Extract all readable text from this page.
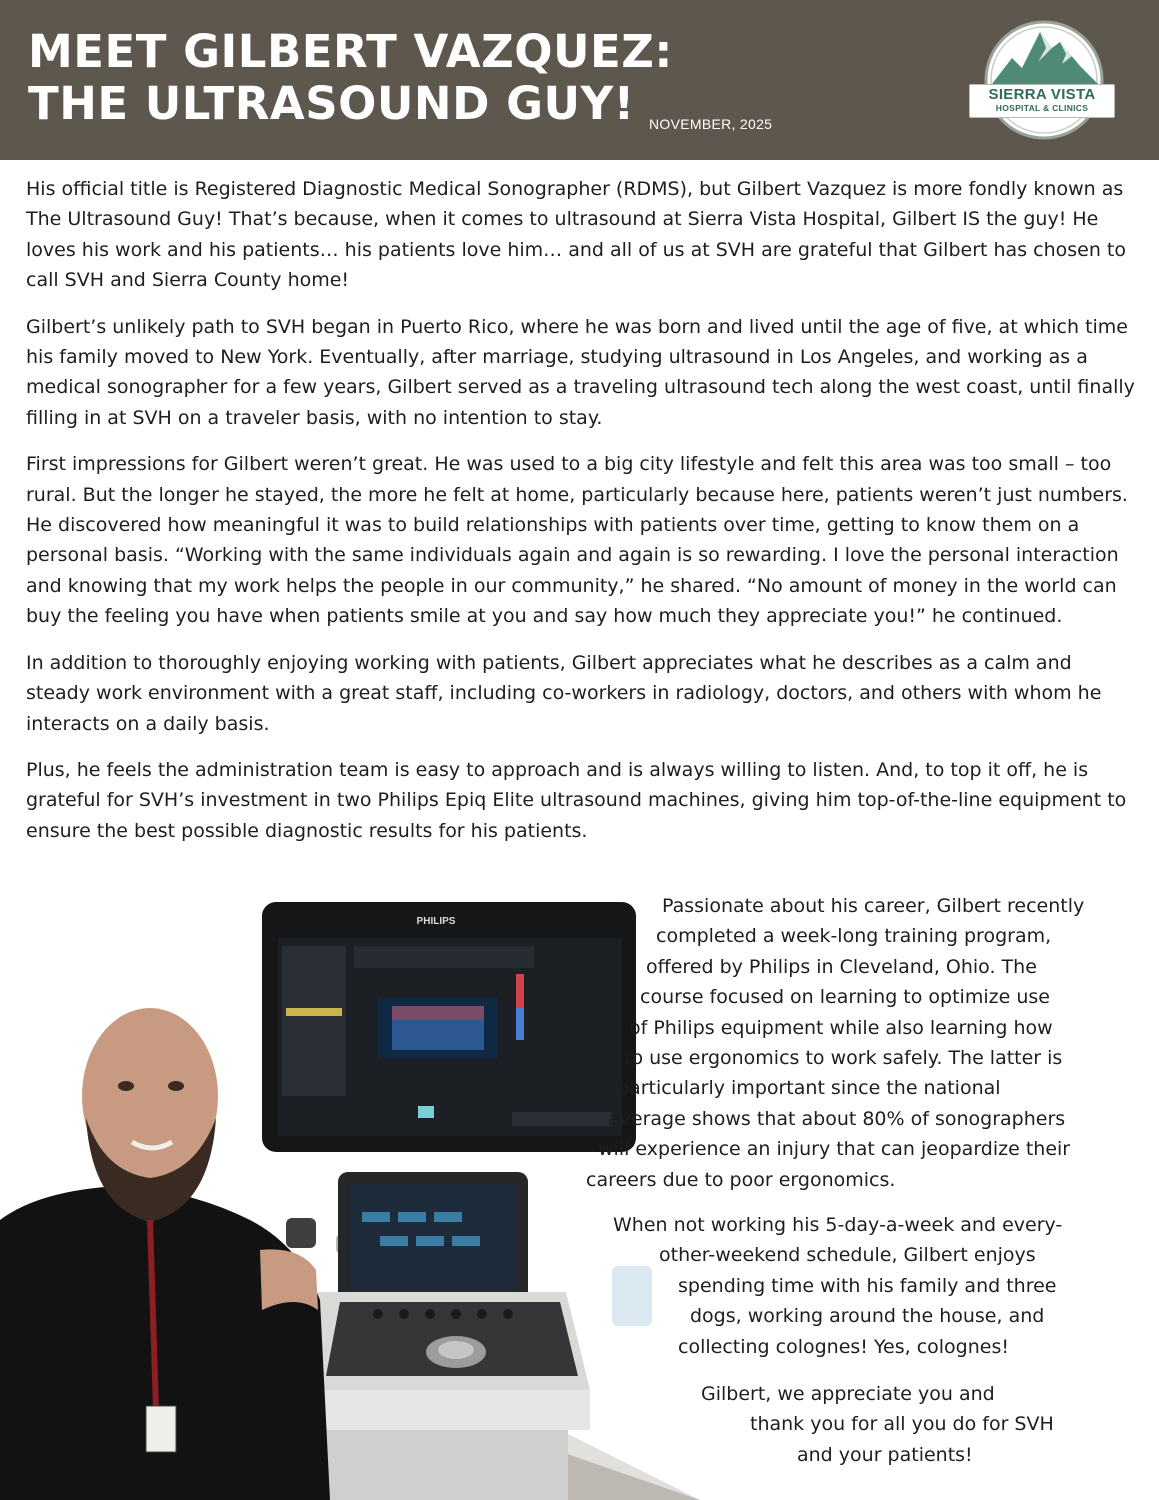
MEET GILBERT VAZQUEZ:
THE ULTRASOUND GUY!	NOVEMBER, 2025
SIERRA VISTA
HOSPITAL & CLINICS

His official title is Registered Diagnostic Medical Sonographer (RDMS), but Gilbert Vazquez is more fondly known as The Ultrasound Guy! That’s because, when it comes to ultrasound at Sierra Vista Hospital, Gilbert IS the guy! He loves his work and his patients… his patients love him… and all of us at SVH are grateful that Gilbert has chosen to call SVH and Sierra County home!

Gilbert’s unlikely path to SVH began in Puerto Rico, where he was born and lived until the age of five, at which time his family moved to New York. Eventually, after marriage, studying ultrasound in Los Angeles, and working as a medical sonographer for a few years, Gilbert served as a traveling ultrasound tech along the west coast, until finally filling in at SVH on a traveler basis, with no intention to stay.

First impressions for Gilbert weren’t great. He was used to a big city lifestyle and felt this area was too small – too rural. But the longer he stayed, the more he felt at home, particularly because here, patients weren’t just numbers. He discovered how meaningful it was to build relationships with patients over time, getting to know them on a personal basis. “Working with the same individuals again and again is so rewarding. I love the personal interaction and knowing that my work helps the people in our community,” he shared. “No amount of money in the world can buy the feeling you have when patients smile at you and say how much they appreciate you!” he continued.

In addition to thoroughly enjoying working with patients, Gilbert appreciates what he describes as a calm and steady work environment with a great staff, including co-workers in radiology, doctors, and others with whom he interacts on a daily basis.

Plus, he feels the administration team is easy to approach and is always willing to listen. And, to top it off, he is grateful for SVH’s investment in two Philips Epiq Elite ultrasound machines, giving him top-of-the-line equipment to ensure the best possible diagnostic results for his patients.

PHILIPS
Passionate about his career, Gilbert recently
completed a week-long training program,
offered by Philips in Cleveland, Ohio. The
course focused on learning to optimize use
of Philips equipment while also learning how
to use ergonomics to work safely. The latter is
particularly important since the national
average shows that about 80% of sonographers
will experience an injury that can jeopardize their
careers due to poor ergonomics.
When not working his 5-day-a-week and every-
other-weekend schedule, Gilbert enjoys
spending time with his family and three
dogs, working around the house, and
collecting colognes! Yes, colognes!
Gilbert, we appreciate you and
thank you for all you do for SVH
and your patients!
